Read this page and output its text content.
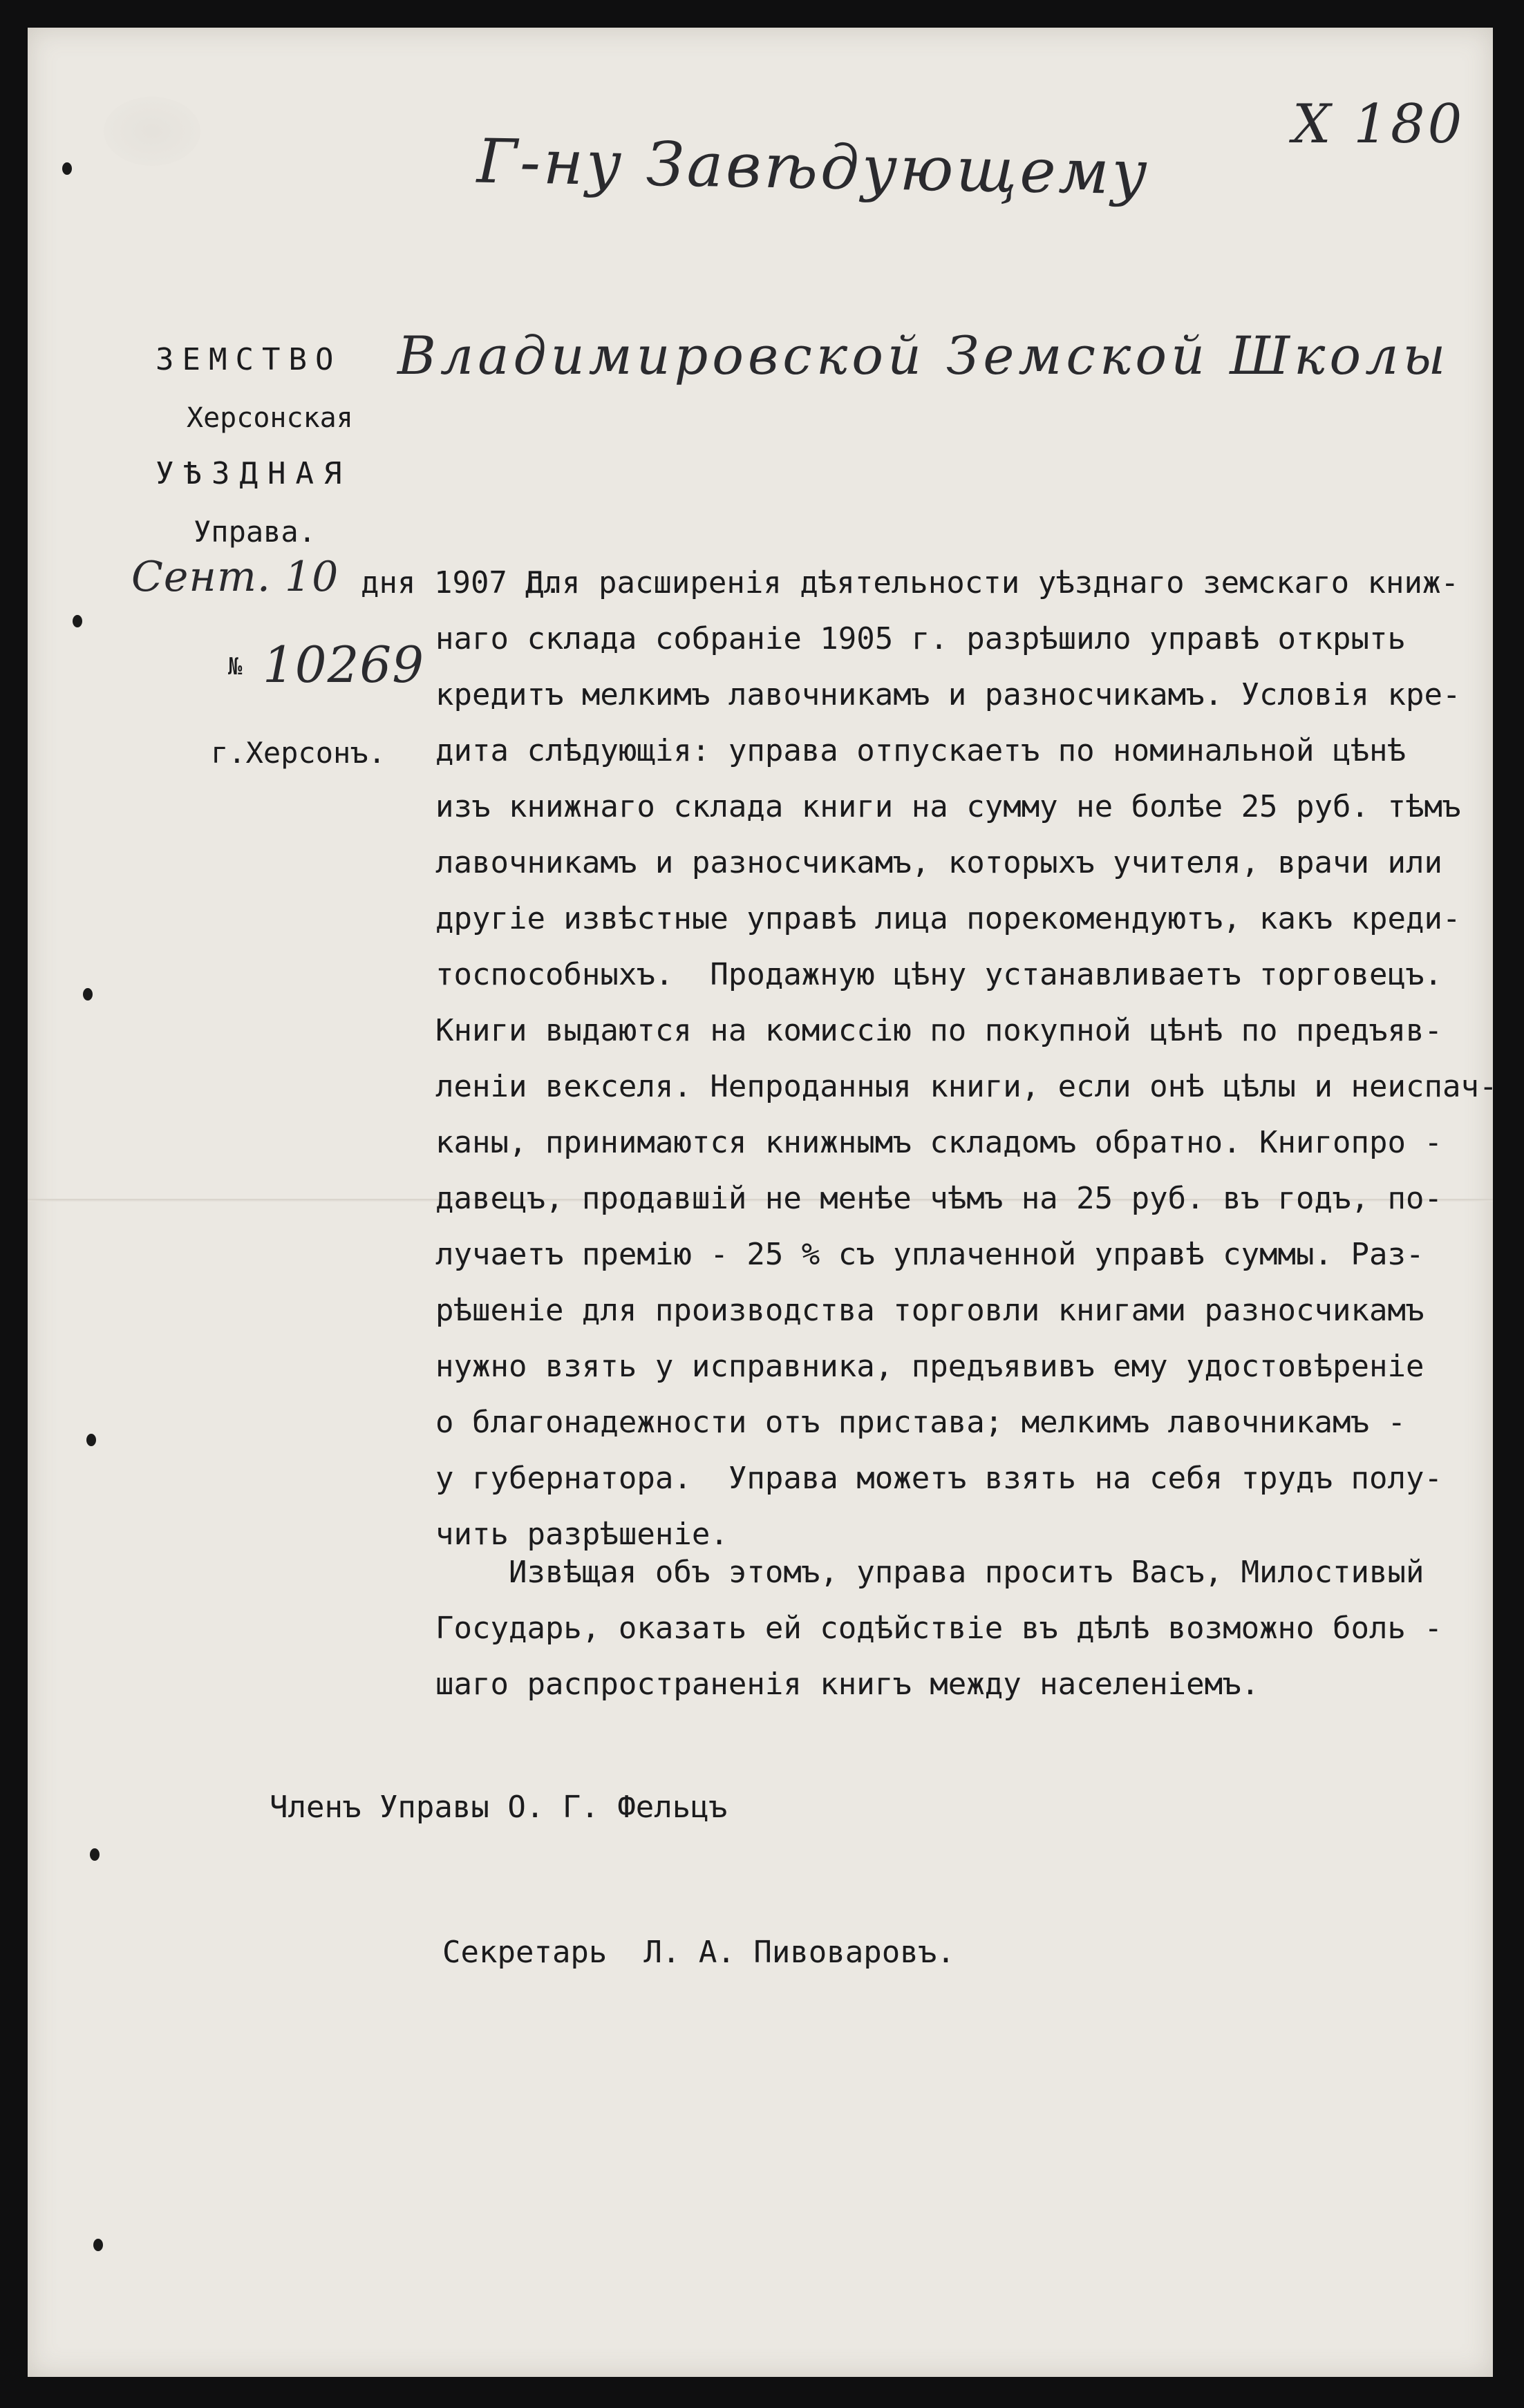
Г-ну Завѣдующему
Х 180
Владимировской Земской Школы
ЗЕМСТВО
Херсонская
УѢЗДНАЯ
Управа.
Сент. 10 дня 1907 г.
№ 10269
г.Херсонъ.
Для расширенія дѣятельности уѣзднаго земскаго книж-
наго склада собраніе 1905 г. разрѣшило управѣ открыть
кредитъ мелкимъ лавочникамъ и разносчикамъ. Условія кре-
дита слѣдующія: управа отпускаетъ по номинальной цѣнѣ
изъ книжнаго склада книги на сумму не болѣе 25 руб. тѣмъ
лавочникамъ и разносчикамъ, которыхъ учителя, врачи или
другіе извѣстные управѣ лица порекомендуютъ, какъ креди-
тоспособныхъ.  Продажную цѣну устанавливаетъ торговецъ.
Книги выдаются на комиссію по покупной цѣнѣ по предъяв-
леніи векселя. Непроданныя книги, если онѣ цѣлы и неиспач-
каны, принимаются книжнымъ складомъ обратно. Книгопро -
давецъ, продавшій не менѣе чѣмъ на 25 руб. въ годъ, по-
лучаетъ премію - 25 % съ уплаченной управѣ суммы. Раз-
рѣшеніе для производства торговли книгами разносчикамъ
нужно взять у исправника, предъявивъ ему удостовѣреніе
о благонадежности отъ пристава; мелкимъ лавочникамъ -
у губернатора.  Управа можетъ взять на себя трудъ полу-
чить разрѣшеніе.
Извѣщая объ этомъ, управа проситъ Васъ, Милостивый
Государь, оказать ей содѣйствіе въ дѣлѣ возможно боль -
шаго распространенія книгъ между населеніемъ.
Членъ Управы О. Г. Фельцъ
Секретарь  Л. А. Пивоваровъ.
